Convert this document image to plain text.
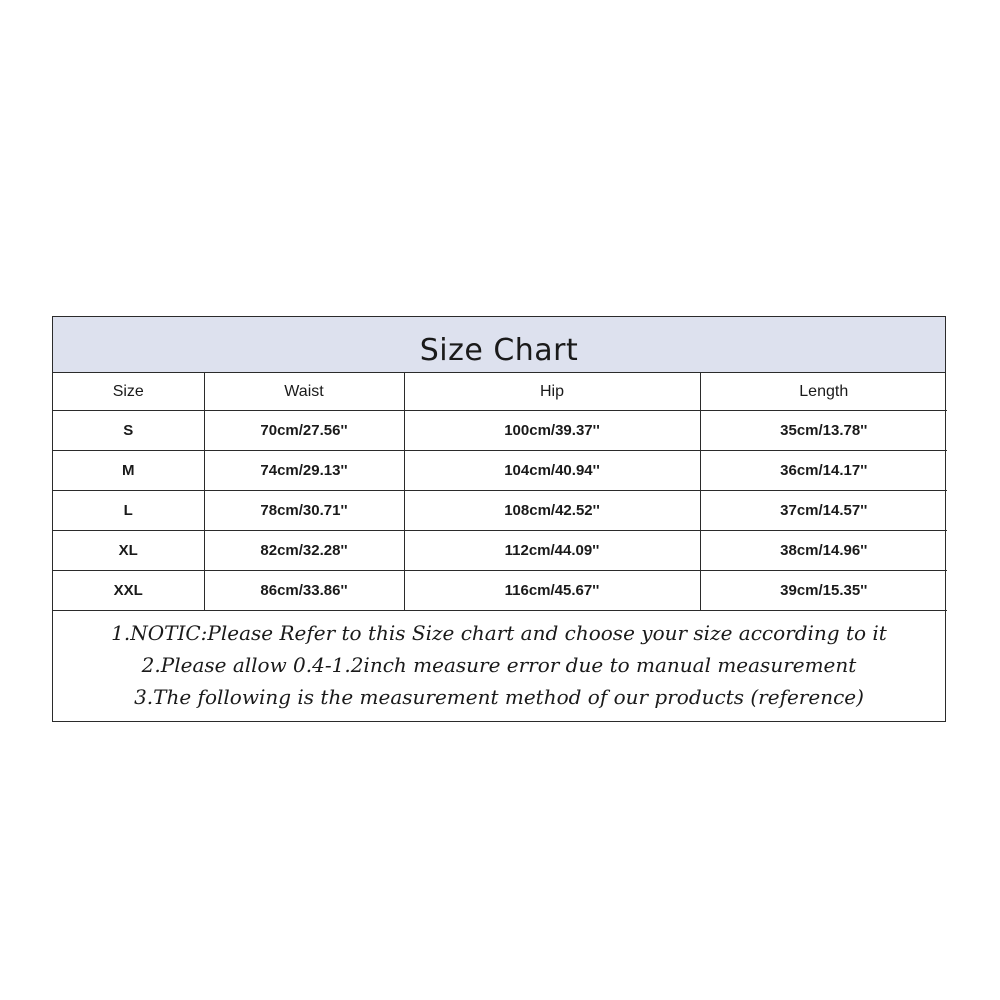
Size Chart
Size	Waist	Hip	Length
S	70cm/27.56''	100cm/39.37''	35cm/13.78''
M	74cm/29.13''	104cm/40.94''	36cm/14.17''
L	78cm/30.71''	108cm/42.52''	37cm/14.57''
XL	82cm/32.28''	112cm/44.09''	38cm/14.96''
XXL	86cm/33.86''	116cm/45.67''	39cm/15.35''
1.NOTIC:Please Refer to this Size chart and choose your size according to it
2.Please allow 0.4-1.2inch measure error due to manual measurement
3.The following is the measurement method of our products (reference)
